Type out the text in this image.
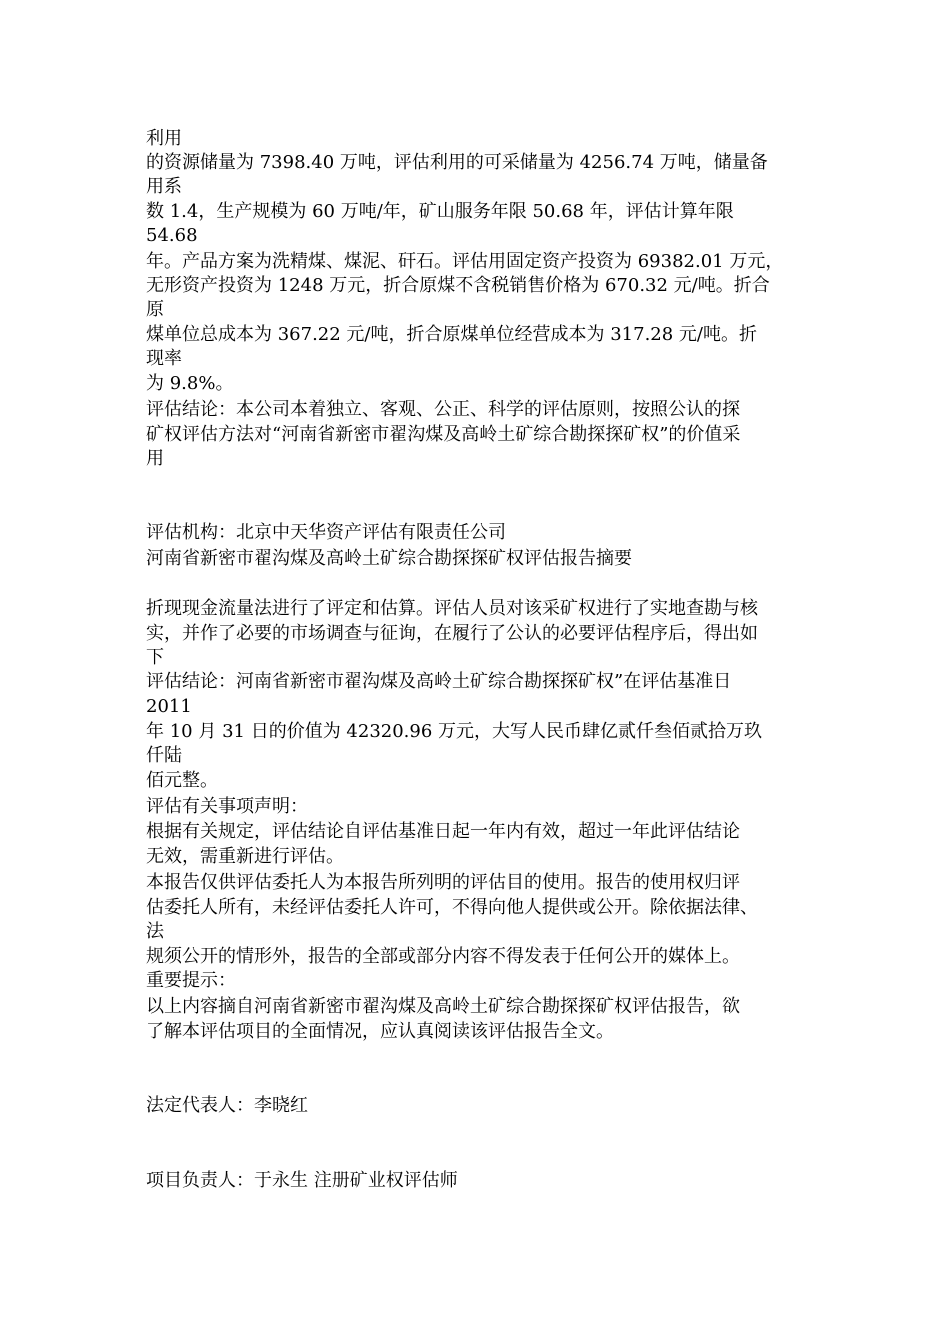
利用

的资源储量为 7398.40 万吨，评估利用的可采储量为 4256.74 万吨，储量备

用系

数 1.4，生产规模为 60 万吨/年，矿山服务年限 50.68 年，评估计算年限

54.68

年。产品方案为洗精煤、煤泥、矸石。评估用固定资产投资为 69382.01 万元，

无形资产投资为 1248 万元，折合原煤不含税销售价格为 670.32 元/吨。折合

原

煤单位总成本为 367.22 元/吨，折合原煤单位经营成本为 317.28 元/吨。折

现率

为 9.8%。

评估结论：本公司本着独立、客观、公正、科学的评估原则，按照公认的探

矿权评估方法对“河南省新密市翟沟煤及高岭土矿综合勘探探矿权”的价值采

用

评估机构：北京中天华资产评估有限责任公司

河南省新密市翟沟煤及高岭土矿综合勘探探矿权评估报告摘要

折现现金流量法进行了评定和估算。评估人员对该采矿权进行了实地查勘与核

实，并作了必要的市场调查与征询，在履行了公认的必要评估程序后，得出如

下

评估结论：河南省新密市翟沟煤及高岭土矿综合勘探探矿权”在评估基准日

2011

年 10 月 31 日的价值为 42320.96 万元，大写人民币肆亿贰仟叁佰贰拾万玖

仟陆

佰元整。

评估有关事项声明：

根据有关规定，评估结论自评估基准日起一年内有效，超过一年此评估结论

无效，需重新进行评估。

本报告仅供评估委托人为本报告所列明的评估目的使用。报告的使用权归评

估委托人所有，未经评估委托人许可，不得向他人提供或公开。除依据法律、

法

规须公开的情形外，报告的全部或部分内容不得发表于任何公开的媒体上。

重要提示：

以上内容摘自河南省新密市翟沟煤及高岭土矿综合勘探探矿权评估报告，欲

了解本评估项目的全面情况，应认真阅读该评估报告全文。

法定代表人：李晓红

项目负责人：于永生 注册矿业权评估师
